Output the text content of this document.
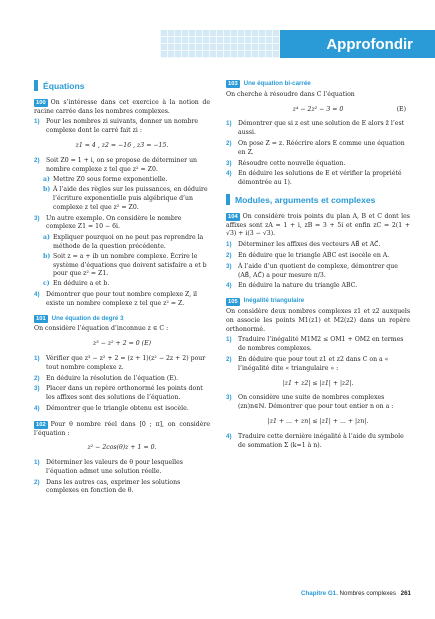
Approfondir
Équations

100 On s’intéresse dans cet exercice à la notion de racine carrée dans les nombres complexes.

1)	Pour les nombres zi suivants, donner un nombre complexe dont le carré fait zi :
z1 = 4 , z2 = −16 , z3 = −15.
2)	Soit Z0 = 1 + i, on se propose de déterminer un nombre complexe z tel que z² = Z0.
a) Mettre Z0 sous forme exponentielle.
b) À l’aide des règles sur les puissances, en déduire l’écriture exponentielle puis algébrique d’un complexe z tel que z² = Z0.
3)	Un autre exemple. On considère le nombre complexe Z1 = 10 − 6i.
a) Expliquer pourquoi on ne peut pas reprendre la méthode de la question précédente.
b) Soit z = a + ib un nombre complexe. Écrire le système d’équations que doivent satisfaire a et b pour que z² = Z1.
c) En déduire a et b.
4)	Démontrer que pour tout nombre complexe Z, il existe un nombre complexe z tel que z² = Z.
101 Une équation de degré 3

On considère l’équation d’inconnue z ∈ C :

z³ − z² + 2 = 0 (E)
1)	Vérifier que z³ − z² + 2 = (z + 1)(z² − 2z + 2) pour tout nombre complexe z.
2)	En déduire la résolution de l’équation (E).
3)	Placer dans un repère orthonormé les points dont les affixes sont des solutions de l’équation.
4)	Démontrer que le triangle obtenu est isocèle.

102 Pour θ nombre réel dans [0 ; π], on considère l’équation :

z² − 2cos(θ)z + 1 = 0.
1)	Déterminer les valeurs de θ pour lesquelles l’équation admet une solution réelle.
2)	Dans les autres cas, exprimer les solutions complexes en fonction de θ.
103 Une équation bi-carrée

On cherche à résoudre dans C l’équation

z⁴ − 2z² − 3 = 0	(E)
1)	Démontrer que si z est une solution de E alors z̄ l’est aussi.
2)	On pose Z = z. Réécrire alors E comme une équation en Z.
3)	Résoudre cette nouvelle équation.
4)	En déduire les solutions de E et vérifier la propriété démontrée au 1).
Modules, arguments et complexes

104 On considère trois points du plan A, B et C dont les affixes sont zA = 1 + i, zB = 3 + 5i et enfin zC = 2(1 + √3) + i(3 − √3).

1)	Déterminer les affixes des vecteurs AB⃗ et AC⃗.
2)	En déduire que le triangle ABC est isocèle en A.
3)	À l’aide d’un quotient de complexe, démontrer que (AB⃗, AC⃗) a pour mesure π/3.
4)	En déduire la nature du triangle ABC.
105 Inégalité triangulaire

On considère deux nombres complexes z1 et z2 auxquels on associe les points M1(z1) et M2(z2) dans un repère orthonormé.

1)	Traduire l’inégalité M1M2 ≤ OM1 + OM2 en termes de nombres complexes.
2)	En déduire que pour tout z1 et z2 dans C on a « l’inégalité dite « triangulaire » :
|z1 + z2| ≤ |z1| + |z2|.
3)	On considère une suite de nombres complexes (zn)n∈ℕ. Démontrer que pour tout entier n on a :
|z1 + ... + zn| ≤ |z1| + ... + |zn|.
4)	Traduire cette dernière inégalité à l’aide du symbole de sommation Σ (k=1 à n).
Chapitre G1. Nombres complexes 261
